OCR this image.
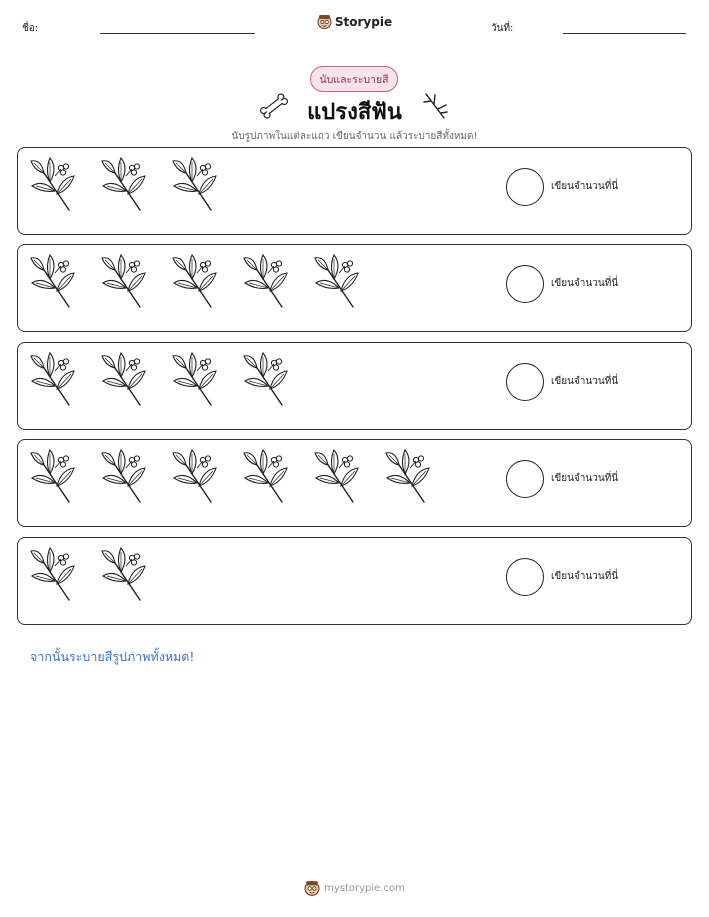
ชื่อ:	Storypie	วันที่:
นับและระบายสี
แปรงสีฟัน
นับรูปภาพในแต่ละแถว เขียนจำนวน แล้วระบายสีทั้งหมด!
เขียนจำนวนที่นี่
เขียนจำนวนที่นี่
เขียนจำนวนที่นี่
เขียนจำนวนที่นี่
เขียนจำนวนที่นี่
จากนั้นระบายสีรูปภาพทั้งหมด!
mystorypie.com
